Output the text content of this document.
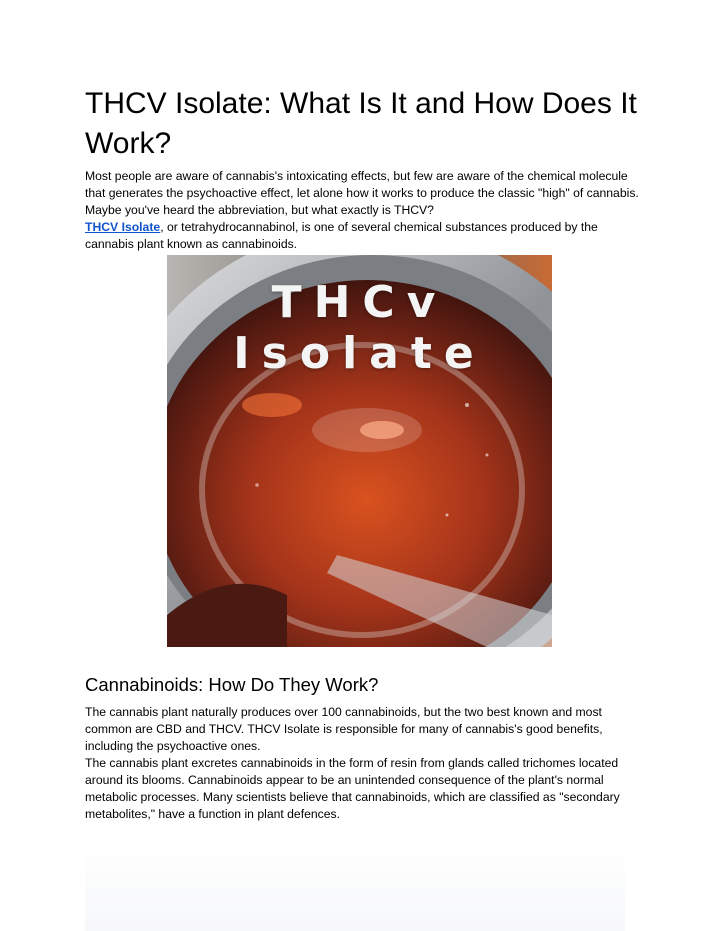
THCV Isolate: What Is It and How Does It Work?

Most people are aware of cannabis's intoxicating effects, but few are aware of the chemical molecule that generates the psychoactive effect, let alone how it works to produce the classic "high" of cannabis. Maybe you've heard the abbreviation, but what exactly is THCV?
THCV Isolate, or tetrahydrocannabinol, is one of several chemical substances produced by the cannabis plant known as cannabinoids.

THCv Isolate
Cannabinoids: How Do They Work?

The cannabis plant naturally produces over 100 cannabinoids, but the two best known and most common are CBD and THCV. THCV Isolate is responsible for many of cannabis's good benefits, including the psychoactive ones.

The cannabis plant excretes cannabinoids in the form of resin from glands called trichomes located around its blooms. Cannabinoids appear to be an unintended consequence of the plant's normal metabolic processes. Many scientists believe that cannabinoids, which are classified as "secondary metabolites," have a function in plant defences.
